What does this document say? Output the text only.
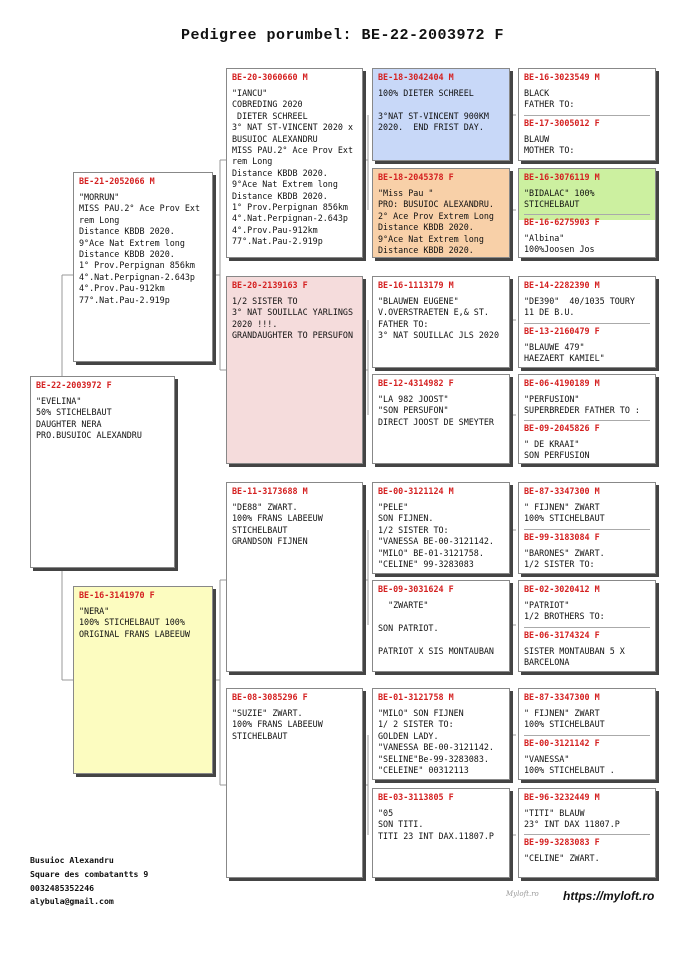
Pedigree porumbel: BE-22-2003972 F
BE-22-2003972 F
"EVELINA"
50% STICHELBAUT
DAUGHTER NERA
PRO.BUSUIOC ALEXANDRU
BE-21-2052066 M
"MORRUN"
MISS PAU.2° Ace Prov Ext rem Long
Distance KBDB 2020.
9°Ace Nat Extrem long
Distance KBDB 2020.
1° Prov.Perpignan 856km
4°.Nat.Perpignan-2.643p
4°.Prov.Pau-912km
77°.Nat.Pau-2.919p
BE-16-3141970 F
"NERA"
100% STICHELBAUT 100%
ORIGINAL FRANS LABEEUW
BE-20-3060660 M
"IANCU"
COBREDING 2020
DIETER SCHREEL
3° NAT ST-VINCENT 2020 x
BUSUIOC ALEXANDRU
MISS PAU.2° Ace Prov Ext
rem Long
Distance KBDB 2020.
9°Ace Nat Extrem long
Distance KBDB 2020.
1° Prov.Perpignan 856km
4°.Nat.Perpignan-2.643p
4°.Prov.Pau-912km
77°.Nat.Pau-2.919p
BE-20-2139163 F
1/2 SISTER TO
3° NAT SOUILLAC YARLINGS
2020 !!!.
GRANDAUGHTER TO PERSUFON
BE-11-3173688 M
"DE88" ZWART.
100% FRANS LABEEUW
STICHELBAUT
GRANDSON FIJNEN
BE-08-3085296 F
"SUZIE" ZWART.
100% FRANS LABEEUW
STICHELBAUT
BE-18-3042404 M
100% DIETER SCHREEL

3°NAT ST-VINCENT 900KM
2020.  END FRIST DAY.
BE-18-2045378 F
"Miss Pau "
PRO: BUSUIOC ALEXANDRU.
2° Ace Prov Extrem Long
Distance KBDB 2020.
9°Ace Nat Extrem long
Distance KBDB 2020.
BE-16-1113179 M
"BLAUWEN EUGENE"
V.OVERSTRAETEN E,& ST.
FATHER TO:
3° NAT SOUILLAC JLS 2020
BE-12-4314982 F
"LA 982 JOOST"
"SON PERSUFON"
DIRECT JOOST DE SMEYTER
BE-00-3121124 M
"PELE"
SON FIJNEN.
1/2 SISTER TO:
"VANESSA BE-00-3121142.
"MILO" BE-01-3121758.
"CELINE" 99-3283083
BE-09-3031624 F
"ZWARTE"

SON PATRIOT.

PATRIOT X SIS MONTAUBAN
BE-01-3121758 M
"MILO" SON FIJNEN
1/ 2 SISTER TO:
GOLDEN LADY.
"VANESSA BE-00-3121142.
"SELINE"Be-99-3283083.
"CELEINE" 00312113
BE-03-3113805 F
"05
SON TITI.
TITI 23 INT DAX.11807.P
BE-16-3023549 M
BLACK
FATHER TO:
BE-17-3005012 F
BLAUW
MOTHER TO:
BE-16-3076119 M
"BIDALAC" 100%
STICHELBAUT
BE-16-6275903 F
"Albina"
100%Joosen Jos
BE-14-2282390 M
"DE390"  40/1035 TOURY
11 DE B.U.
BE-13-2160479 F
"BLAUWE 479"
HAEZAERT KAMIEL"
BE-06-4190189 M
"PERFUSION"
SUPERBREDER FATHER TO :
BE-09-2045826 F
" DE KRAAI"
SON PERFUSION
BE-87-3347300 M
" FIJNEN" ZWART
100% STICHELBAUT
BE-99-3183084 F
"BARONES" ZWART.
1/2 SISTER TO:
BE-02-3020412 M
"PATRIOT"
1/2 BROTHERS TO:
BE-06-3174324 F
SISTER MONTAUBAN 5 X
BARCELONA
BE-87-3347300 M
" FIJNEN" ZWART
100% STICHELBAUT
BE-00-3121142 F
"VANESSA"
100% STICHELBAUT .
BE-96-3232449 M
"TITI" BLAUW
23° INT DAX 11807.P
BE-99-3283083 F
"CELINE" ZWART.
Busuioc Alexandru
Square des combatantts 9
0032485352246
alybula@gmail.com
Myloft.ro https://myloft.ro
